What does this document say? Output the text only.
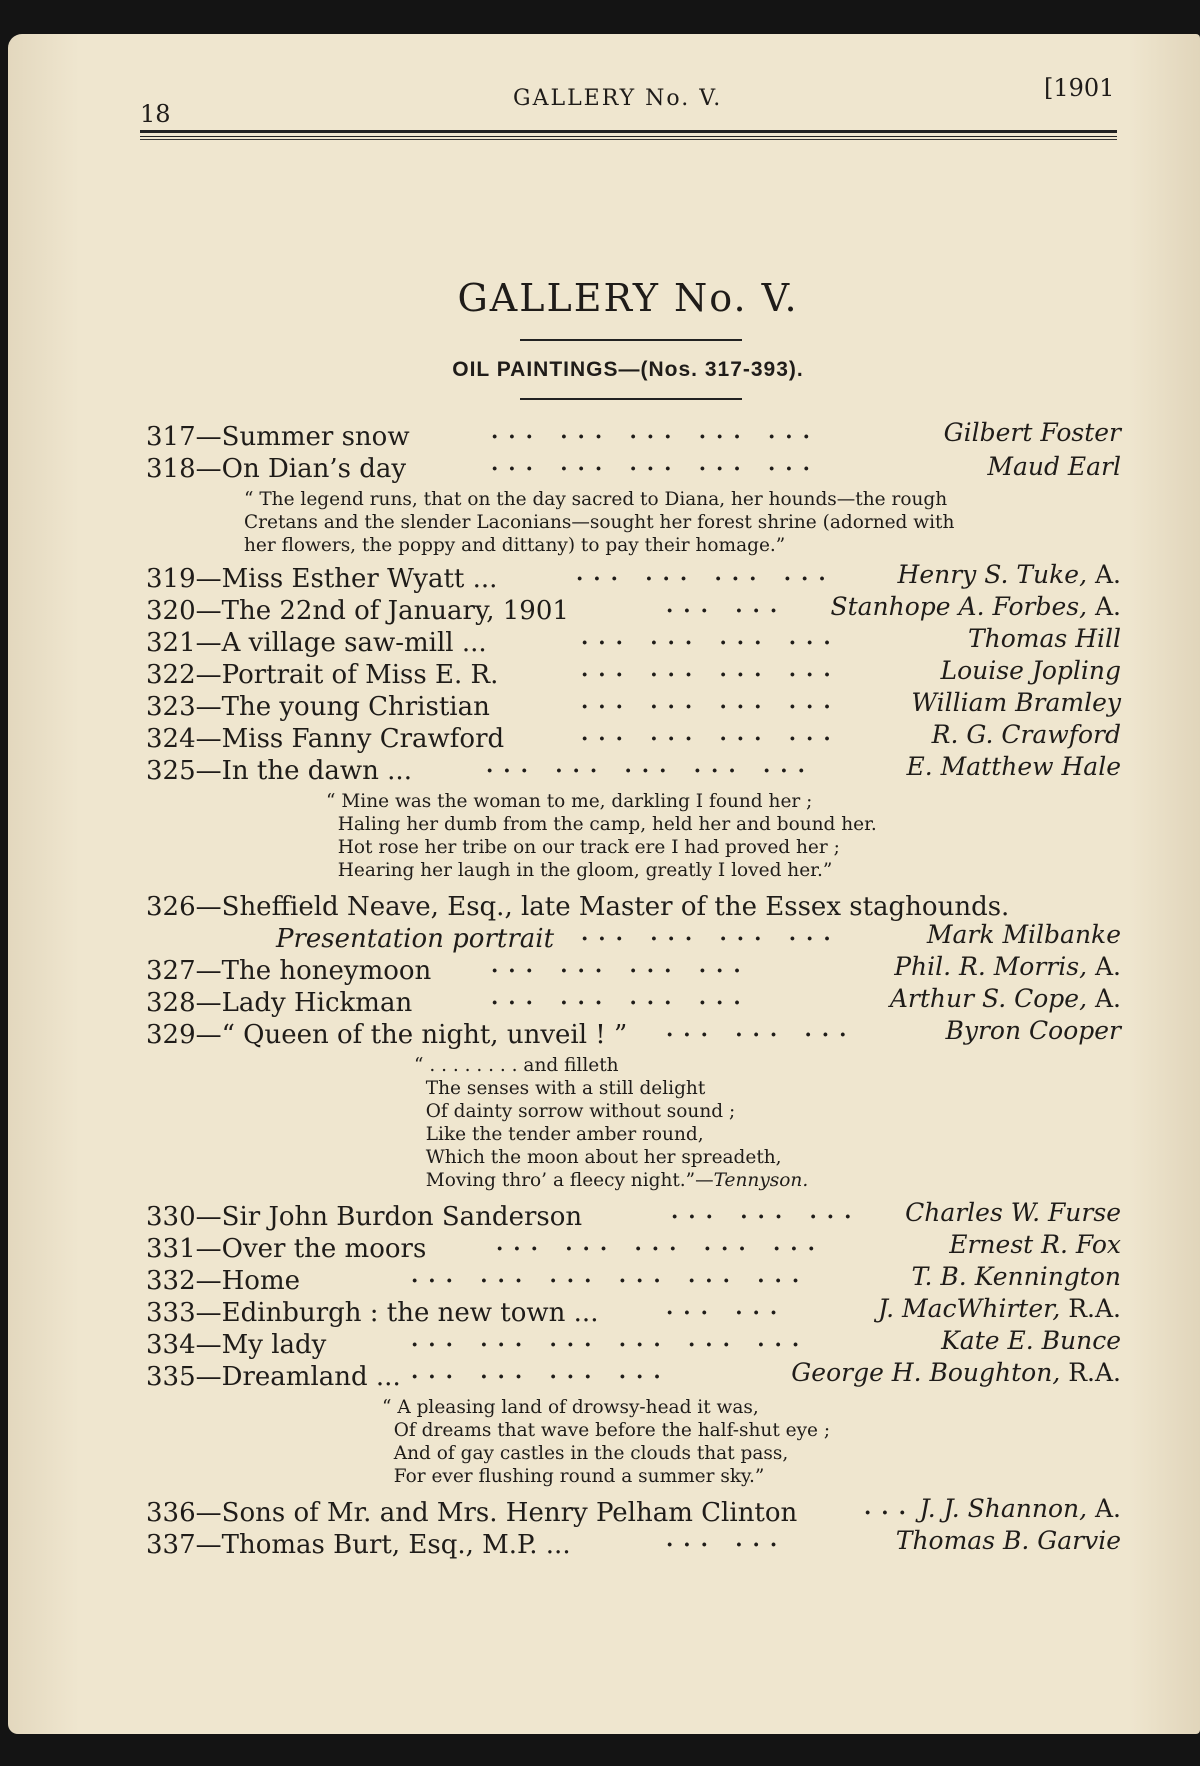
18
GALLERY No. V.	[1901
GALLERY No. V.
OIL PAINTINGS—(Nos. 317-393).
317—Summer snow	··· ··· ··· ··· ···	Gilbert Foster
318—On Dian’s day	··· ··· ··· ··· ···	Maud Earl
“ The legend runs, that on the day sacred to Diana, her hounds—the rough
Cretans and the slender Laconians—sought her forest shrine (adorned with
her flowers, the poppy and dittany) to pay their homage.”
319—Miss Esther Wyatt ...	··· ··· ··· ··· Henry S. Tuke, A.
320—The 22nd of January, 1901	··· ··· Stanhope A. Forbes, A.
321—A village saw-mill ...	··· ··· ··· ···	Thomas Hill
322—Portrait of Miss E. R.	··· ··· ··· ···	Louise Jopling
323—The young Christian	··· ··· ··· ···	William Bramley
324—Miss Fanny Crawford	··· ··· ··· ···	R. G. Crawford
325—In the dawn ...	··· ··· ··· ··· ···	E. Matthew Hale
“ Mine was the woman to me, darkling I found her ;
Haling her dumb from the camp, held her and bound her.
Hot rose her tribe on our track ere I had proved her ;
Hearing her laugh in the gloom, greatly I loved her.”
326—Sheffield Neave, Esq., late Master of the Essex staghounds.
Presentation portrait ··· ··· ··· ···	Mark Milbanke
327—The honeymoon	··· ··· ··· ···	Phil. R. Morris, A.
328—Lady Hickman	··· ··· ··· ···	Arthur S. Cope, A.
329—“ Queen of the night, unveil ! ” ··· ··· ···	Byron Cooper
“ . . . . . . . . and filleth
The senses with a still delight
Of dainty sorrow without sound ;
Like the tender amber round,
Which the moon about her spreadeth,
Moving thro’ a fleecy night.”—Tennyson.
330—Sir John Burdon Sanderson	··· ··· ··· Charles W. Furse
331—Over the moors	··· ··· ··· ··· ···	Ernest R. Fox
332—Home	··· ··· ··· ··· ··· ···	T. B. Kennington
333—Edinburgh : the new town ...	··· ···	J. MacWhirter, R.A.
334—My lady	··· ··· ··· ··· ··· ···	Kate E. Bunce
335—Dreamland ... ··· ··· ··· ···	George H. Boughton, R.A.
“ A pleasing land of drowsy-head it was,
Of dreams that wave before the half-shut eye ;
And of gay castles in the clouds that pass,
For ever flushing round a summer sky.”
336—Sons of Mr. and Mrs. Henry Pelham Clinton	··· J. J. Shannon, A.
337—Thomas Burt, Esq., M.P. ...	··· ···	Thomas B. Garvie
